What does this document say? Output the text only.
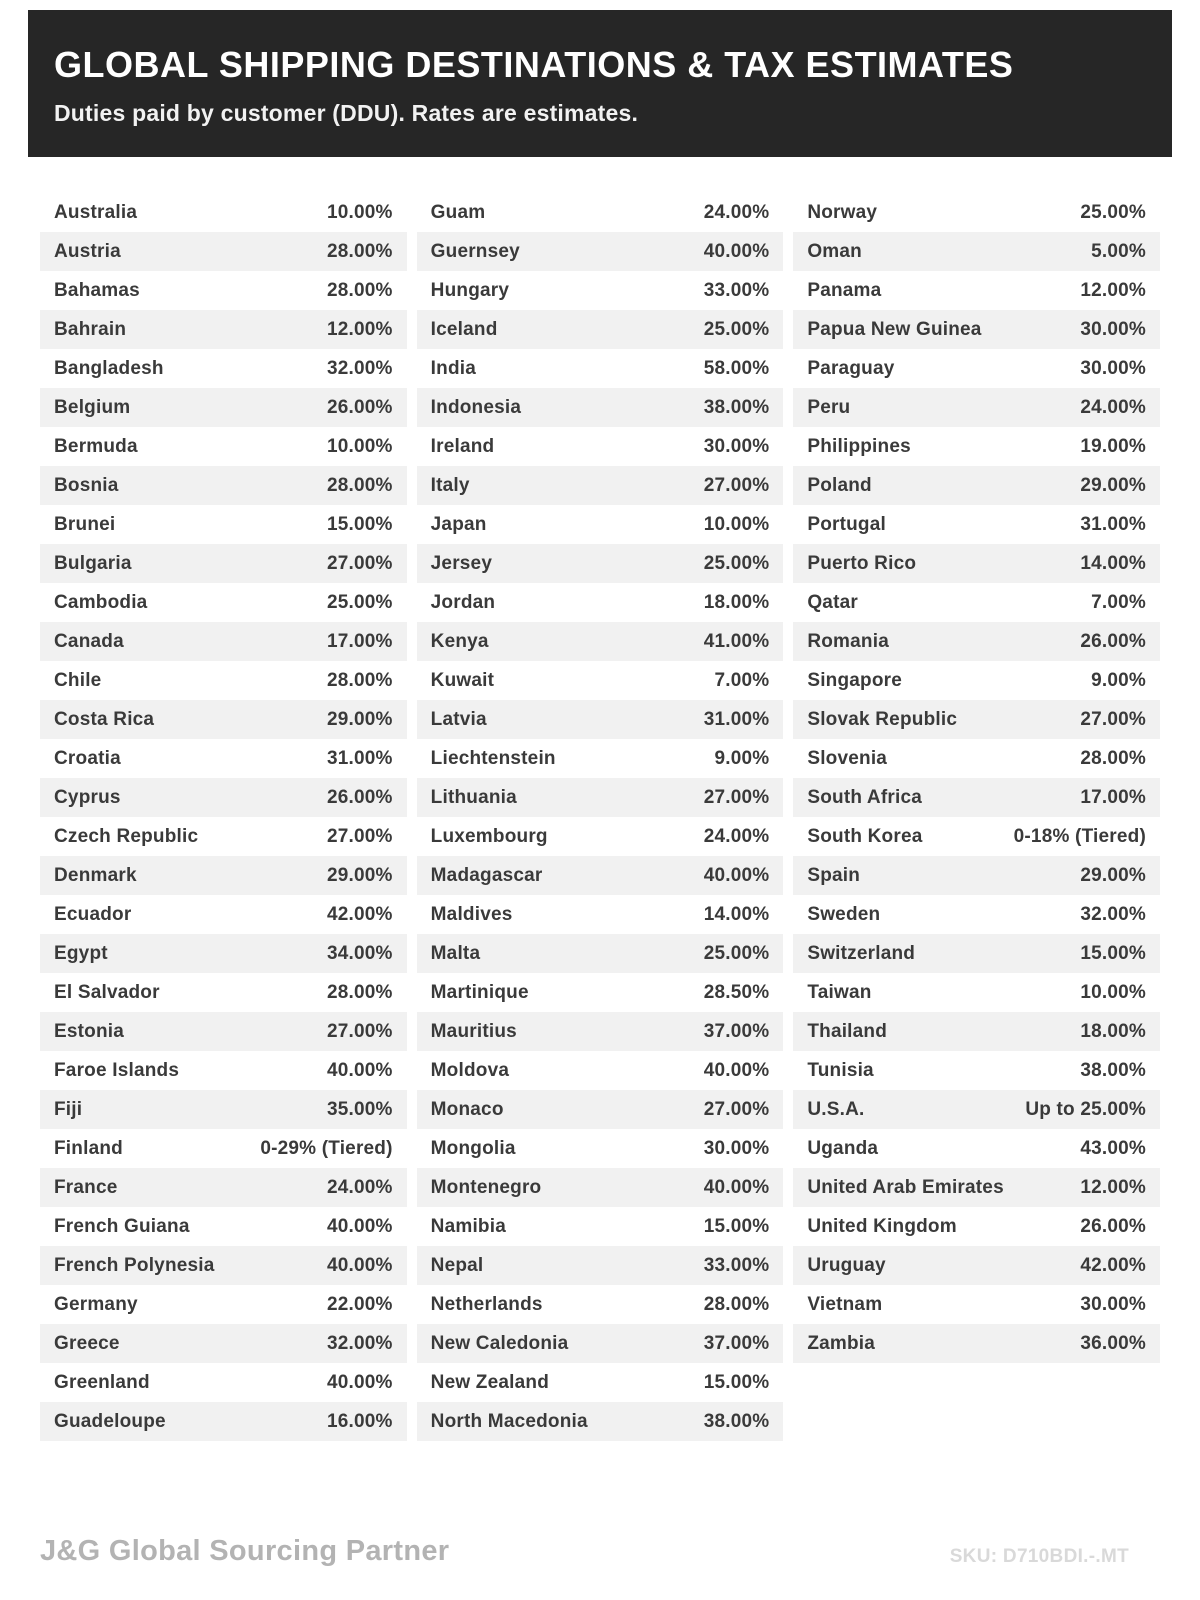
GLOBAL SHIPPING DESTINATIONS & TAX ESTIMATES
Duties paid by customer (DDU). Rates are estimates.
Australia	10.00%
Austria	28.00%
Bahamas	28.00%
Bahrain	12.00%
Bangladesh	32.00%
Belgium	26.00%
Bermuda	10.00%
Bosnia	28.00%
Brunei	15.00%
Bulgaria	27.00%
Cambodia	25.00%
Canada	17.00%
Chile	28.00%
Costa Rica	29.00%
Croatia	31.00%
Cyprus	26.00%
Czech Republic	27.00%
Denmark	29.00%
Ecuador	42.00%
Egypt	34.00%
El Salvador	28.00%
Estonia	27.00%
Faroe Islands	40.00%
Fiji	35.00%
Finland	0-29% (Tiered)
France	24.00%
French Guiana	40.00%
French Polynesia	40.00%
Germany	22.00%
Greece	32.00%
Greenland	40.00%
Guadeloupe	16.00%
Guam	24.00%
Guernsey	40.00%
Hungary	33.00%
Iceland	25.00%
India	58.00%
Indonesia	38.00%
Ireland	30.00%
Italy	27.00%
Japan	10.00%
Jersey	25.00%
Jordan	18.00%
Kenya	41.00%
Kuwait	7.00%
Latvia	31.00%
Liechtenstein	9.00%
Lithuania	27.00%
Luxembourg	24.00%
Madagascar	40.00%
Maldives	14.00%
Malta	25.00%
Martinique	28.50%
Mauritius	37.00%
Moldova	40.00%
Monaco	27.00%
Mongolia	30.00%
Montenegro	40.00%
Namibia	15.00%
Nepal	33.00%
Netherlands	28.00%
New Caledonia	37.00%
New Zealand	15.00%
North Macedonia	38.00%
Norway	25.00%
Oman	5.00%
Panama	12.00%
Papua New Guinea	30.00%
Paraguay	30.00%
Peru	24.00%
Philippines	19.00%
Poland	29.00%
Portugal	31.00%
Puerto Rico	14.00%
Qatar	7.00%
Romania	26.00%
Singapore	9.00%
Slovak Republic	27.00%
Slovenia	28.00%
South Africa	17.00%
South Korea	0-18% (Tiered)
Spain	29.00%
Sweden	32.00%
Switzerland	15.00%
Taiwan	10.00%
Thailand	18.00%
Tunisia	38.00%
U.S.A.	Up to 25.00%
Uganda	43.00%
United Arab Emirates	12.00%
United Kingdom	26.00%
Uruguay	42.00%
Vietnam	30.00%
Zambia	36.00%
J&G Global Sourcing Partner	SKU: D710BDI.-.MT
